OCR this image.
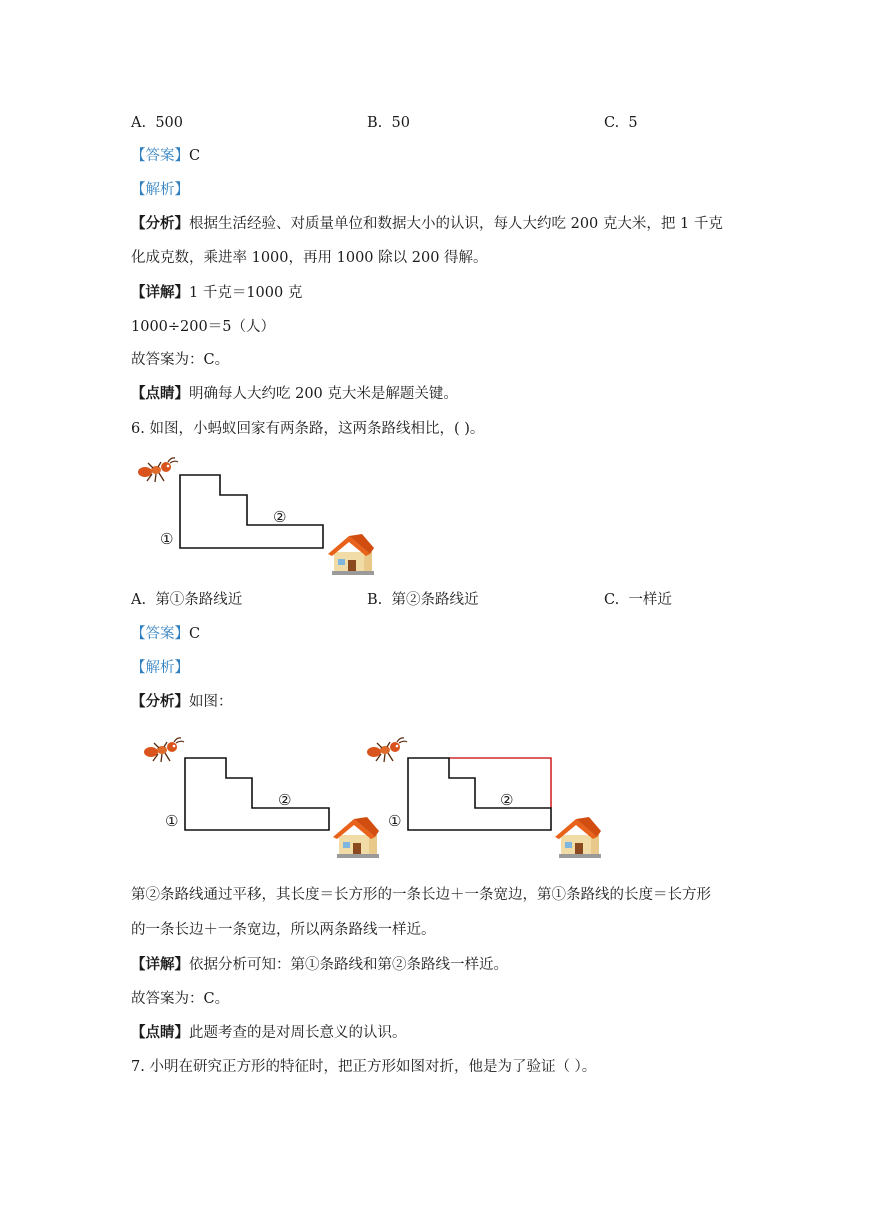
A. 500	B. 50	C. 5
【答案】C
【解析】
【分析】根据生活经验、对质量单位和数据大小的认识，每人大约吃 200 克大米，把 1 千克
化成克数，乘进率 1000，再用 1000 除以 200 得解。
【详解】1 千克＝1000 克
1000÷200＝5（人）
故答案为：C。
【点睛】明确每人大约吃 200 克大米是解题关键。
6. 如图，小蚂蚁回家有两条路，这两条路线相比，( )。
①
②
A. 第①条路线近	B. 第②条路线近	C. 一样近
【答案】C
【解析】
【分析】如图：
①
②
①
②
第②条路线通过平移，其长度＝长方形的一条长边＋一条宽边，第①条路线的长度＝长方形
的一条长边＋一条宽边，所以两条路线一样近。
【详解】依据分析可知：第①条路线和第②条路线一样近。
故答案为：C。
【点睛】此题考查的是对周长意义的认识。
7. 小明在研究正方形的特征时，把正方形如图对折，他是为了验证（ ）。
